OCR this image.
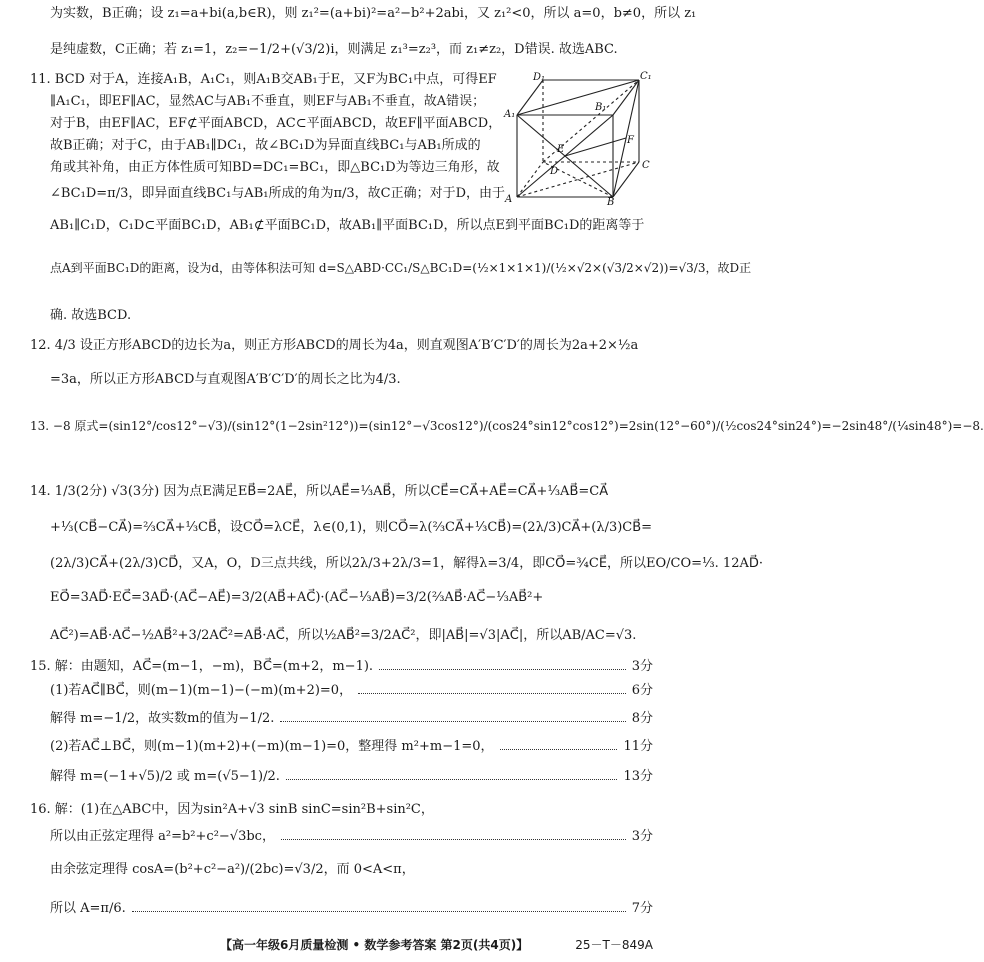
为实数，B正确；设 z₁=a+bi(a,b∈R)，则 z₁²=(a+bi)²=a²−b²+2abi，又 z₁²<0，所以 a=0，b≠0，所以 z₁
是纯虚数，C正确；若 z₁=1，z₂=−1/2+(√3/2)i，则满足 z₁³=z₂³，而 z₁≠z₂，D错误. 故选ABC.
11. BCD 对于A，连接A₁B，A₁C₁，则A₁B交AB₁于E，又F为BC₁中点，可得EF
∥A₁C₁，即EF∥AC，显然AC与AB₁不垂直，则EF与AB₁不垂直，故A错误；
对于B，由EF∥AC，EF⊄平面ABCD，AC⊂平面ABCD，故EF∥平面ABCD，
故B正确；对于C，由于AB₁∥DC₁，故∠BC₁D为异面直线BC₁与AB₁所成的
角或其补角，由正方体性质可知BD=DC₁=BC₁，即△BC₁D为等边三角形，故
∠BC₁D=π/3，即异面直线BC₁与AB₁所成的角为π/3，故C正确；对于D，由于
AB₁∥C₁D，C₁D⊂平面BC₁D，AB₁⊄平面BC₁D，故AB₁∥平面BC₁D，所以点E到平面BC₁D的距离等于
点A到平面BC₁D的距离，设为d，由等体积法可知 d=S△ABD·CC₁/S△BC₁D=(½×1×1×1)/(½×√2×(√3/2×√2))=√3/3，故D正
确. 故选BCD.
D₁	C₁
A₁
B₁
F
E
D
C
A	B
12. 4/3 设正方形ABCD的边长为a，则正方形ABCD的周长为4a，则直观图A′B′C′D′的周长为2a+2×½a
=3a，所以正方形ABCD与直观图A′B′C′D′的周长之比为4/3.
13. −8 原式=(sin12°/cos12°−√3)/(sin12°(1−2sin²12°))=(sin12°−√3cos12°)/(cos24°sin12°cos12°)=2sin(12°−60°)/(½cos24°sin24°)=−2sin48°/(¼sin48°)=−8.
14. 1/3(2分) √3(3分) 因为点E满足EB⃗=2AE⃗，所以AE⃗=⅓AB⃗，所以CE⃗=CA⃗+AE⃗=CA⃗+⅓AB⃗=CA⃗
+⅓(CB⃗−CA⃗)=⅔CA⃗+⅓CB⃗，设CO⃗=λCE⃗，λ∈(0,1)，则CO⃗=λ(⅔CA⃗+⅓CB⃗)=(2λ/3)CA⃗+(λ/3)CB⃗=
(2λ/3)CA⃗+(2λ/3)CD⃗，又A，O，D三点共线，所以2λ/3+2λ/3=1，解得λ=3/4，即CO⃗=¾CE⃗，所以EO/CO=⅓. 12AD⃗·
EO⃗=3AD⃗·EC⃗=3AD⃗·(AC⃗−AE⃗)=3/2(AB⃗+AC⃗)·(AC⃗−⅓AB⃗)=3/2(⅔AB⃗·AC⃗−⅓AB⃗²+
AC⃗²)=AB⃗·AC⃗−½AB⃗²+3/2AC⃗²=AB⃗·AC⃗，所以½AB⃗²=3/2AC⃗²，即|AB⃗|=√3|AC⃗|，所以AB/AC=√3.
15. 解：由题知，AC⃗=(m−1，−m)，BC⃗=(m+2，m−1).	3分
(1)若AC⃗∥BC⃗，则(m−1)(m−1)−(−m)(m+2)=0，	6分
解得 m=−1/2，故实数m的值为−1/2.	8分
(2)若AC⃗⊥BC⃗，则(m−1)(m+2)+(−m)(m−1)=0，整理得 m²+m−1=0，	11分
解得 m=(−1+√5)/2 或 m=(√5−1)/2.	13分
16. 解：(1)在△ABC中，因为sin²A+√3 sinB sinC=sin²B+sin²C，
所以由正弦定理得 a²=b²+c²−√3bc，	3分
由余弦定理得 cosA=(b²+c²−a²)/(2bc)=√3/2，而 0<A<π，
所以 A=π/6.	7分
【高一年级6月质量检测 • 数学参考答案 第2页(共4页)】	25－T－849A
